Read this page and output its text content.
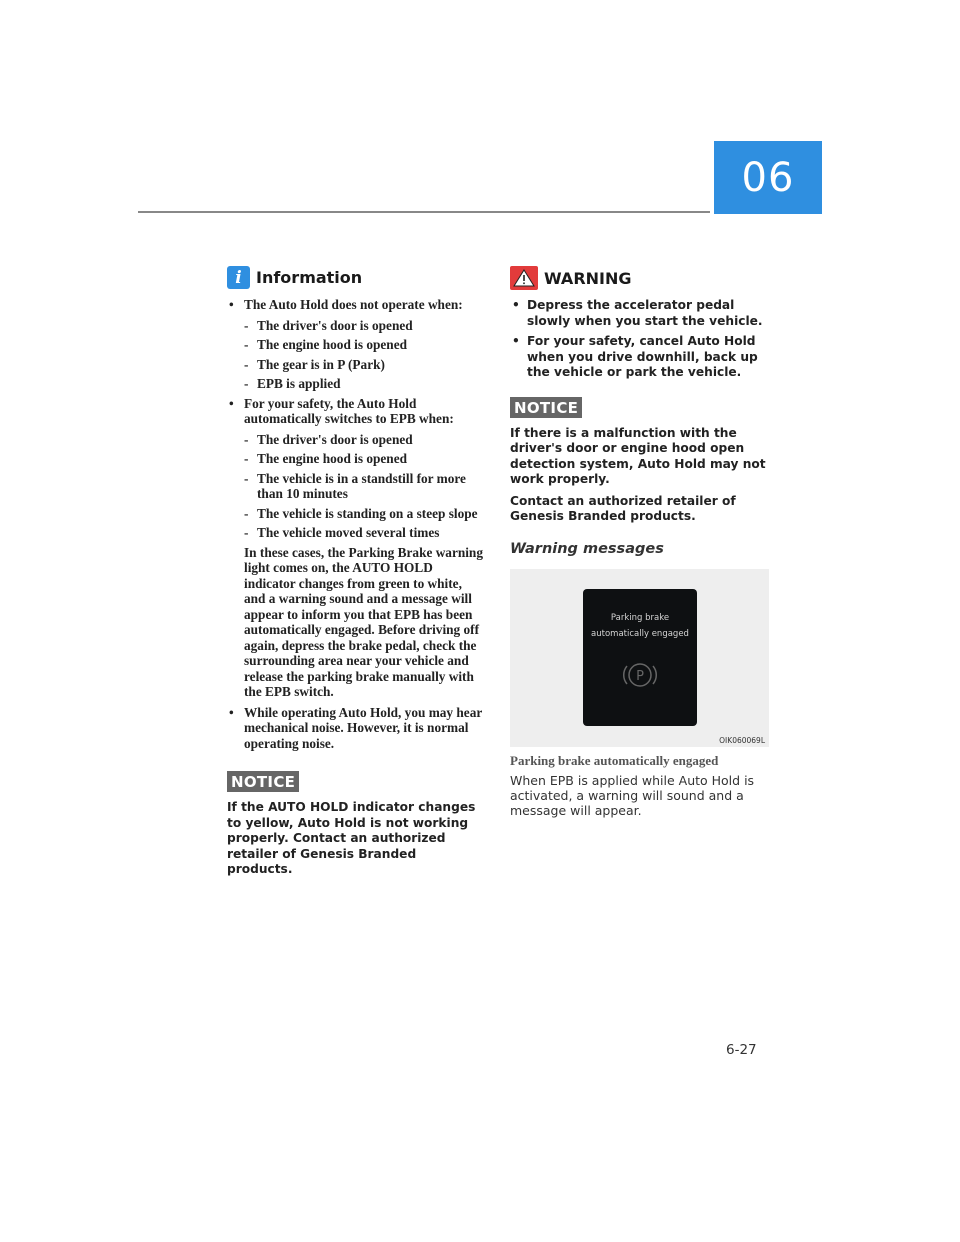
06
i Information
• The Auto Hold does not operate when:
- The driver's door is opened
- The engine hood is opened
- The gear is in P (Park)
- EPB is applied
• For your safety, the Auto Hold automatically switches to EPB when:
- The driver's door is opened
- The engine hood is opened
- The vehicle is in a standstill for more than 10 minutes
- The vehicle is standing on a steep slope
- The vehicle moved several times
In these cases, the Parking Brake warning light comes on, the AUTO HOLD indicator changes from green to white, and a warning sound and a message will appear to inform you that EPB has been automatically engaged. Before driving off again, depress the brake pedal, check the surrounding area near your vehicle and release the parking brake manually with the EPB switch.
• While operating Auto Hold, you may hear mechanical noise. However, it is normal operating noise.
NOTICE
If the AUTO HOLD indicator changes to yellow, Auto Hold is not working properly. Contact an authorized retailer of Genesis Branded products.
WARNING
• Depress the accelerator pedal slowly when you start the vehicle.
• For your safety, cancel Auto Hold when you drive downhill, back up the vehicle or park the vehicle.
NOTICE
If there is a malfunction with the driver's door or engine hood open detection system, Auto Hold may not work properly.
Contact an authorized retailer of Genesis Branded products.
Warning messages
Parking brake
automatically engaged
P
OIK060069L
Parking brake automatically engaged
When EPB is applied while Auto Hold is activated, a warning will sound and a message will appear.
6-27
